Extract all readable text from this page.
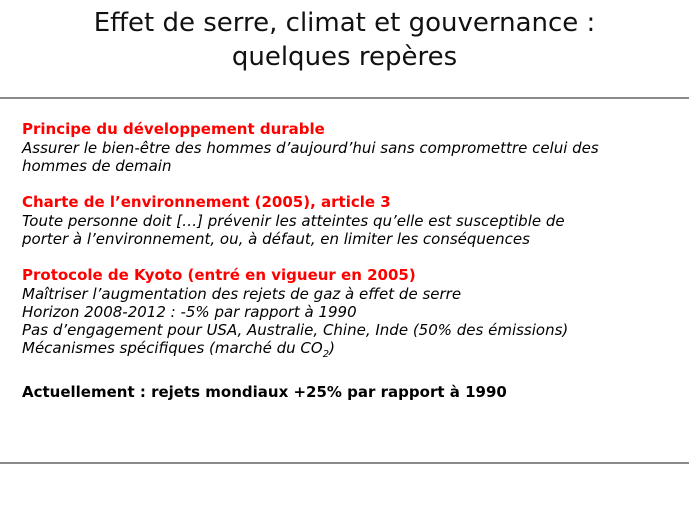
Effet de serre, climat et gouvernance :
quelques repères
Principe du développement durable
Assurer le bien-être des hommes d’aujourd’hui sans compromettre celui des
hommes de demain
Charte de l’environnement (2005), article 3
Toute personne doit […] prévenir les atteintes qu’elle est susceptible de
porter à l’environnement, ou, à défaut, en limiter les conséquences
Protocole de Kyoto (entré en vigueur en 2005)
Maîtriser l’augmentation des rejets de gaz à effet de serre
Horizon 2008-2012 : -5% par rapport à 1990
Pas d’engagement pour USA, Australie, Chine, Inde (50% des émissions)
Mécanismes spécifiques (marché du $CO_2$)
Actuellement : rejets mondiaux +25% par rapport à 1990
